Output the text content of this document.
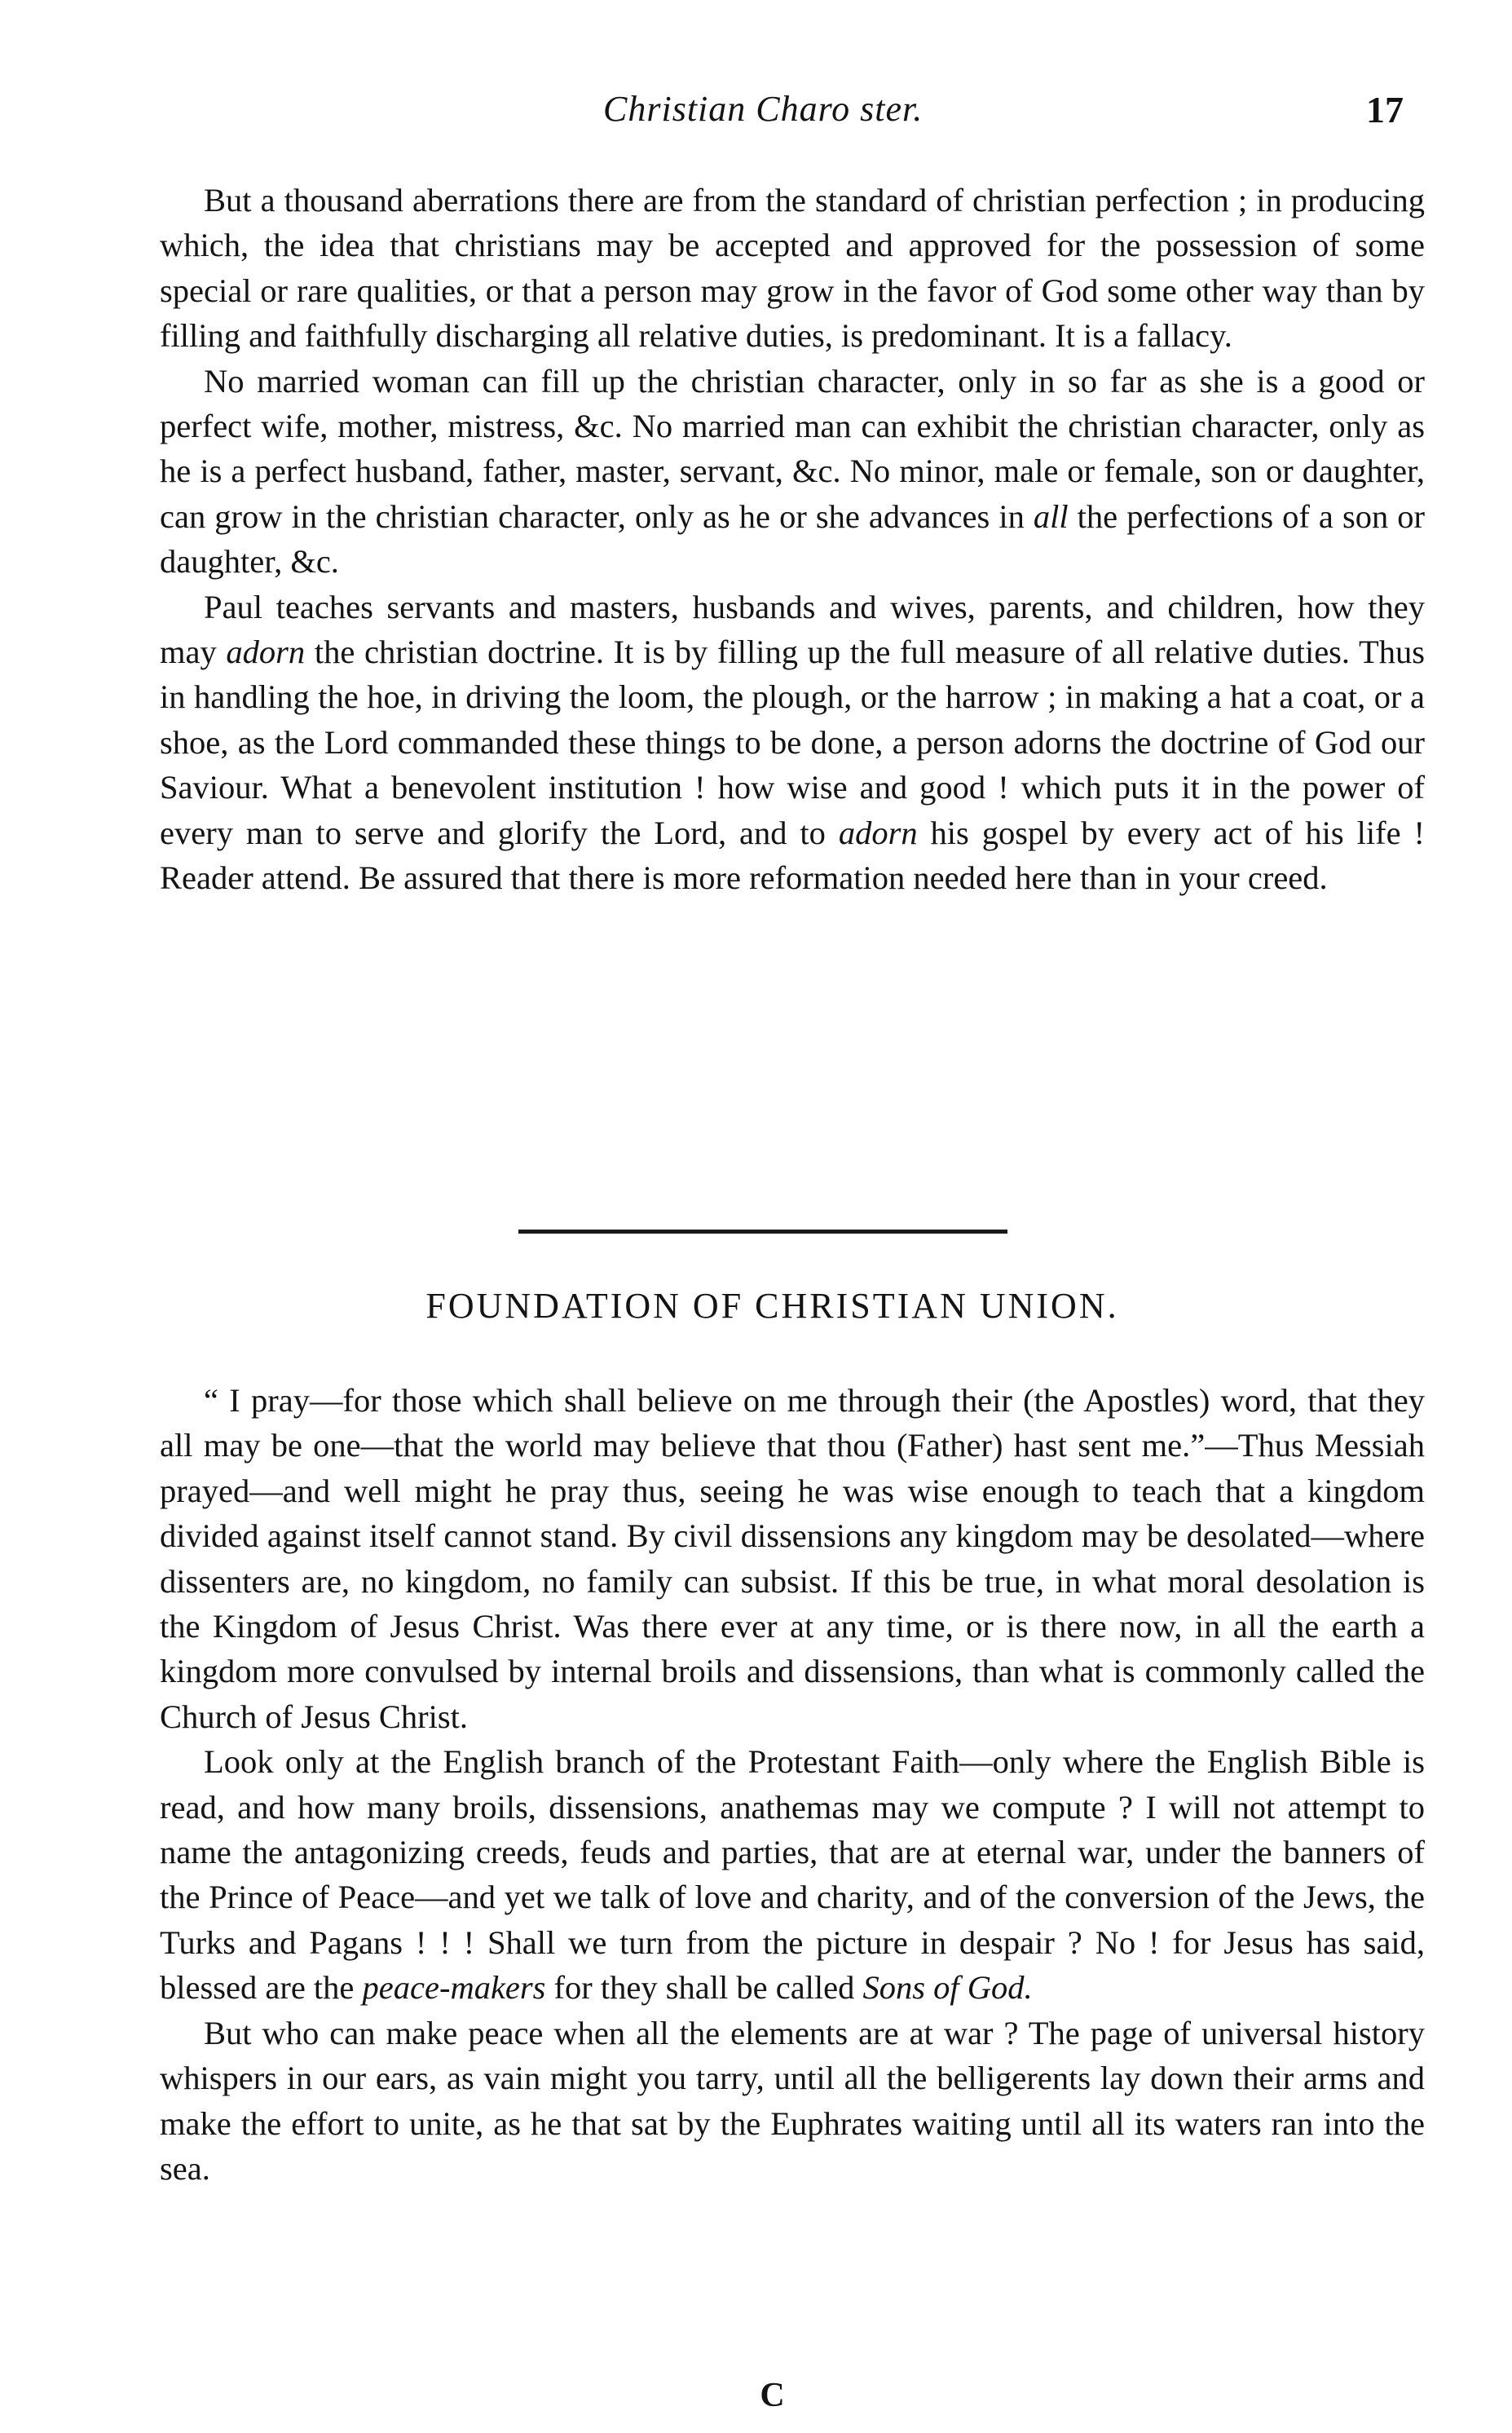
Christian Charo ster.	17

But a thousand aberrations there are from the standard of christian perfection ; in producing which, the idea that christians may be accepted and approved for the possession of some special or rare qualities, or that a person may grow in the favor of God some other way than by filling and faithfully discharging all relative duties, is predominant. It is a fallacy.

No married woman can fill up the christian character, only in so far as she is a good or perfect wife, mother, mistress, &c. No married man can exhibit the christian character, only as he is a perfect husband, father, master, servant, &c. No minor, male or female, son or daughter, can grow in the christian character, only as he or she advances in all the perfections of a son or daughter, &c.

Paul teaches servants and masters, husbands and wives, parents, and children, how they may adorn the christian doctrine. It is by filling up the full measure of all relative duties. Thus in handling the hoe, in driving the loom, the plough, or the harrow ; in making a hat a coat, or a shoe, as the Lord commanded these things to be done, a person adorns the doctrine of God our Saviour. What a benevolent institution ! how wise and good ! which puts it in the power of every man to serve and glorify the Lord, and to adorn his gospel by every act of his life ! Reader attend. Be assured that there is more reformation needed here than in your creed.

FOUNDATION OF CHRISTIAN UNION.

“ I pray—for those which shall believe on me through their (the Apostles) word, that they all may be one—that the world may believe that thou (Father) hast sent me.”—Thus Messiah prayed—and well might he pray thus, seeing he was wise enough to teach that a kingdom divided against itself cannot stand. By civil dissensions any kingdom may be desolated—where dissenters are, no kingdom, no family can subsist. If this be true, in what moral desolation is the Kingdom of Jesus Christ. Was there ever at any time, or is there now, in all the earth a kingdom more convulsed by internal broils and dissensions, than what is commonly called the Church of Jesus Christ.

Look only at the English branch of the Protestant Faith—only where the English Bible is read, and how many broils, dissensions, anathemas may we compute ? I will not attempt to name the antagonizing creeds, feuds and parties, that are at eternal war, under the banners of the Prince of Peace—and yet we talk of love and charity, and of the conversion of the Jews, the Turks and Pagans ! ! ! Shall we turn from the picture in despair ? No ! for Jesus has said, blessed are the peace-makers for they shall be called Sons of God.

But who can make peace when all the elements are at war ? The page of universal history whispers in our ears, as vain might you tarry, until all the belligerents lay down their arms and make the effort to unite, as he that sat by the Euphrates waiting until all its waters ran into the sea.

C
